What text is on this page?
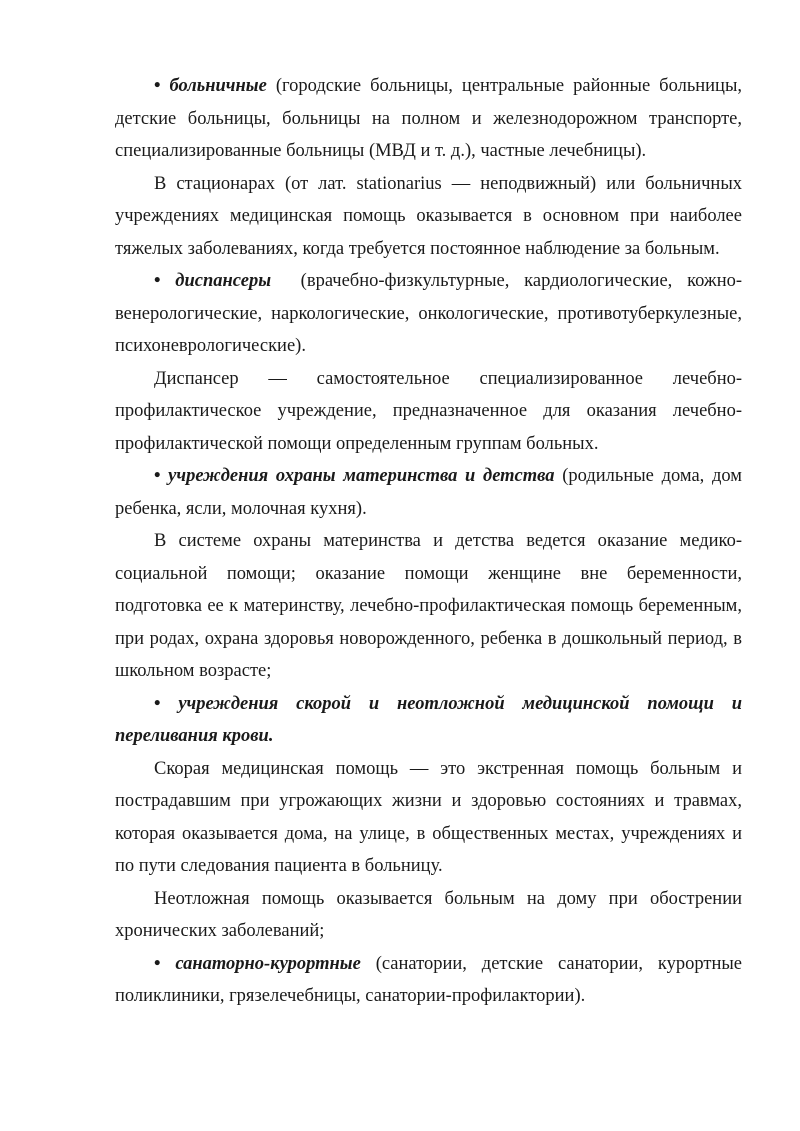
• больничные (городские больницы, центральные районные больницы, детские больницы, больницы на полном и железнодорожном транспорте, специализированные больницы (МВД и т. д.), частные лечебницы).

В стационарах (от лат. stationarius — неподвижный) или больничных учреждениях медицинская помощь оказывается в основном при наиболее тяжелых заболеваниях, когда требуется постоянное наблюдение за больным.

• диспансеры (врачебно-физкультурные, кардиологические, кожно-венерологические, наркологические, онкологические, противотуберкулезные, психоневрологические).

Диспансер — самостоятельное специализированное лечебно-профилактическое учреждение, предназначенное для оказания лечебно-профилактической помощи определенным группам больных.

• учреждения охраны материнства и детства (родильные дома, дом ребенка, ясли, молочная кухня).

В системе охраны материнства и детства ведется оказание медико-социальной помощи; оказание помощи женщине вне беременности, подготовка ее к материнству, лечебно-профилактическая помощь беременным, при родах, охрана здоровья новорожденного, ребенка в дошкольный период, в школьном возрасте;

• учреждения скорой и неотложной медицинской помощи и переливания крови.

Скорая медицинская помощь — это экстренная помощь больным и пострадавшим при угрожающих жизни и здоровью состояниях и травмах, которая оказывается дома, на улице, в общественных местах, учреждениях и по пути следования пациента в больницу.

Неотложная помощь оказывается больным на дому при обострении хронических заболеваний;

• санаторно-курортные (санатории, детские санатории, курортные поликлиники, грязелечебницы, санатории-профилактории).
